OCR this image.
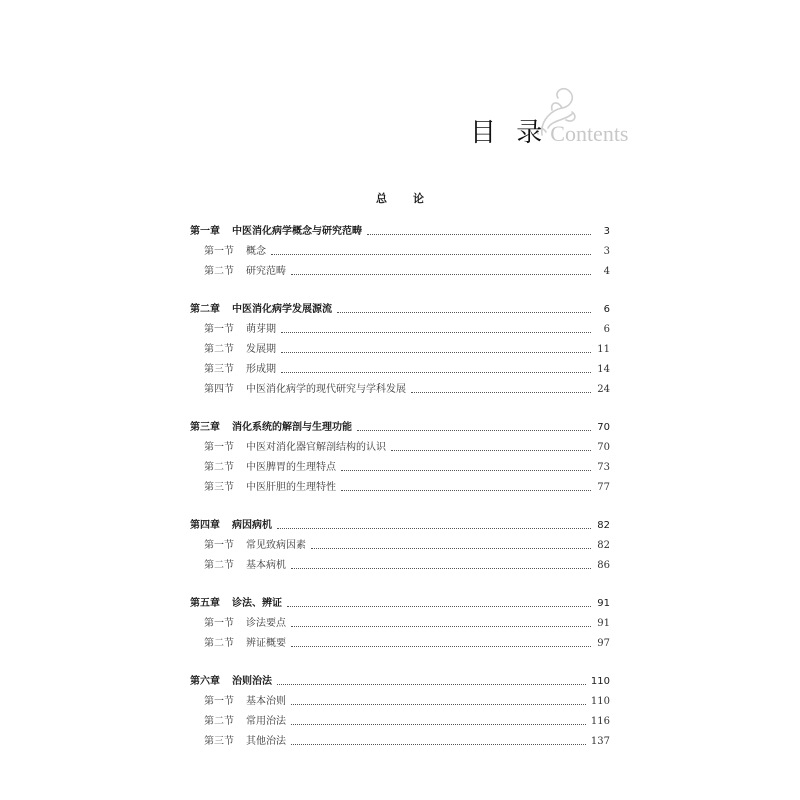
目 录Contents
总 论
第一章 中医消化病学概念与研究范畴	3
第一节 概念	3
第二节 研究范畴	4
第二章 中医消化病学发展源流	6
第一节 萌芽期	6
第二节 发展期	11
第三节 形成期	14
第四节 中医消化病学的现代研究与学科发展	24
第三章 消化系统的解剖与生理功能	70
第一节 中医对消化器官解剖结构的认识	70
第二节 中医脾胃的生理特点	73
第三节 中医肝胆的生理特性	77
第四章 病因病机	82
第一节 常见致病因素	82
第二节 基本病机	86
第五章 诊法、辨证	91
第一节 诊法要点	91
第二节 辨证概要	97
第六章 治则治法	110
第一节 基本治则	110
第二节 常用治法	116
第三节 其他治法	137
